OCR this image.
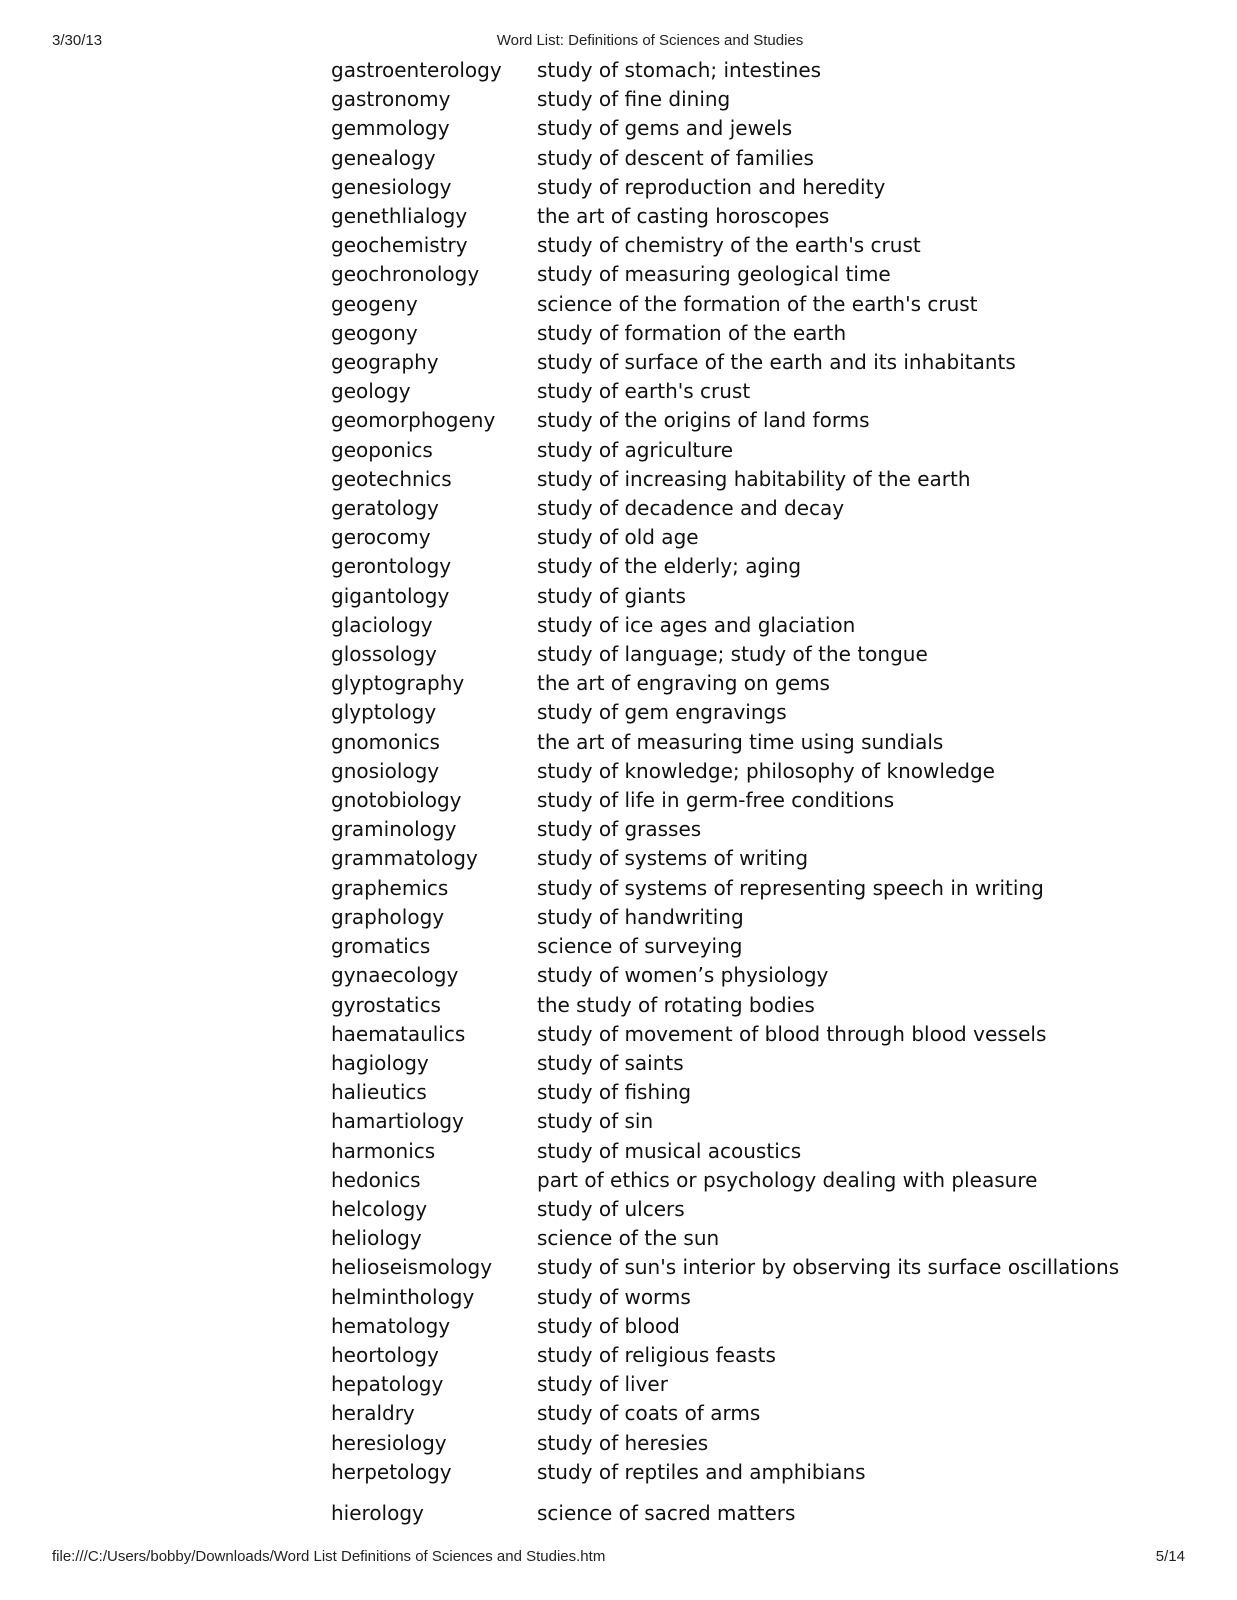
3/30/13	Word List: Definitions of Sciences and Studies
gastroenterology	study of stomach; intestines
gastronomy	study of fine dining
gemmology	study of gems and jewels
genealogy	study of descent of families
genesiology	study of reproduction and heredity
genethlialogy	the art of casting horoscopes
geochemistry	study of chemistry of the earth's crust
geochronology	study of measuring geological time
geogeny	science of the formation of the earth's crust
geogony	study of formation of the earth
geography	study of surface of the earth and its inhabitants
geology	study of earth's crust
geomorphogeny	study of the origins of land forms
geoponics	study of agriculture
geotechnics	study of increasing habitability of the earth
geratology	study of decadence and decay
gerocomy	study of old age
gerontology	study of the elderly; aging
gigantology	study of giants
glaciology	study of ice ages and glaciation
glossology	study of language; study of the tongue
glyptography	the art of engraving on gems
glyptology	study of gem engravings
gnomonics	the art of measuring time using sundials
gnosiology	study of knowledge; philosophy of knowledge
gnotobiology	study of life in germ-free conditions
graminology	study of grasses
grammatology	study of systems of writing
graphemics	study of systems of representing speech in writing
graphology	study of handwriting
gromatics	science of surveying
gynaecology	study of women’s physiology
gyrostatics	the study of rotating bodies
haemataulics	study of movement of blood through blood vessels
hagiology	study of saints
halieutics	study of fishing
hamartiology	study of sin
harmonics	study of musical acoustics
hedonics	part of ethics or psychology dealing with pleasure
helcology	study of ulcers
heliology	science of the sun
helioseismology	study of sun's interior by observing its surface oscillations
helminthology	study of worms
hematology	study of blood
heortology	study of religious feasts
hepatology	study of liver
heraldry	study of coats of arms
heresiology	study of heresies
herpetology	study of reptiles and amphibians
hierology	science of sacred matters
file:///C:/Users/bobby/Downloads/Word List Definitions of Sciences and Studies.htm	5/14
